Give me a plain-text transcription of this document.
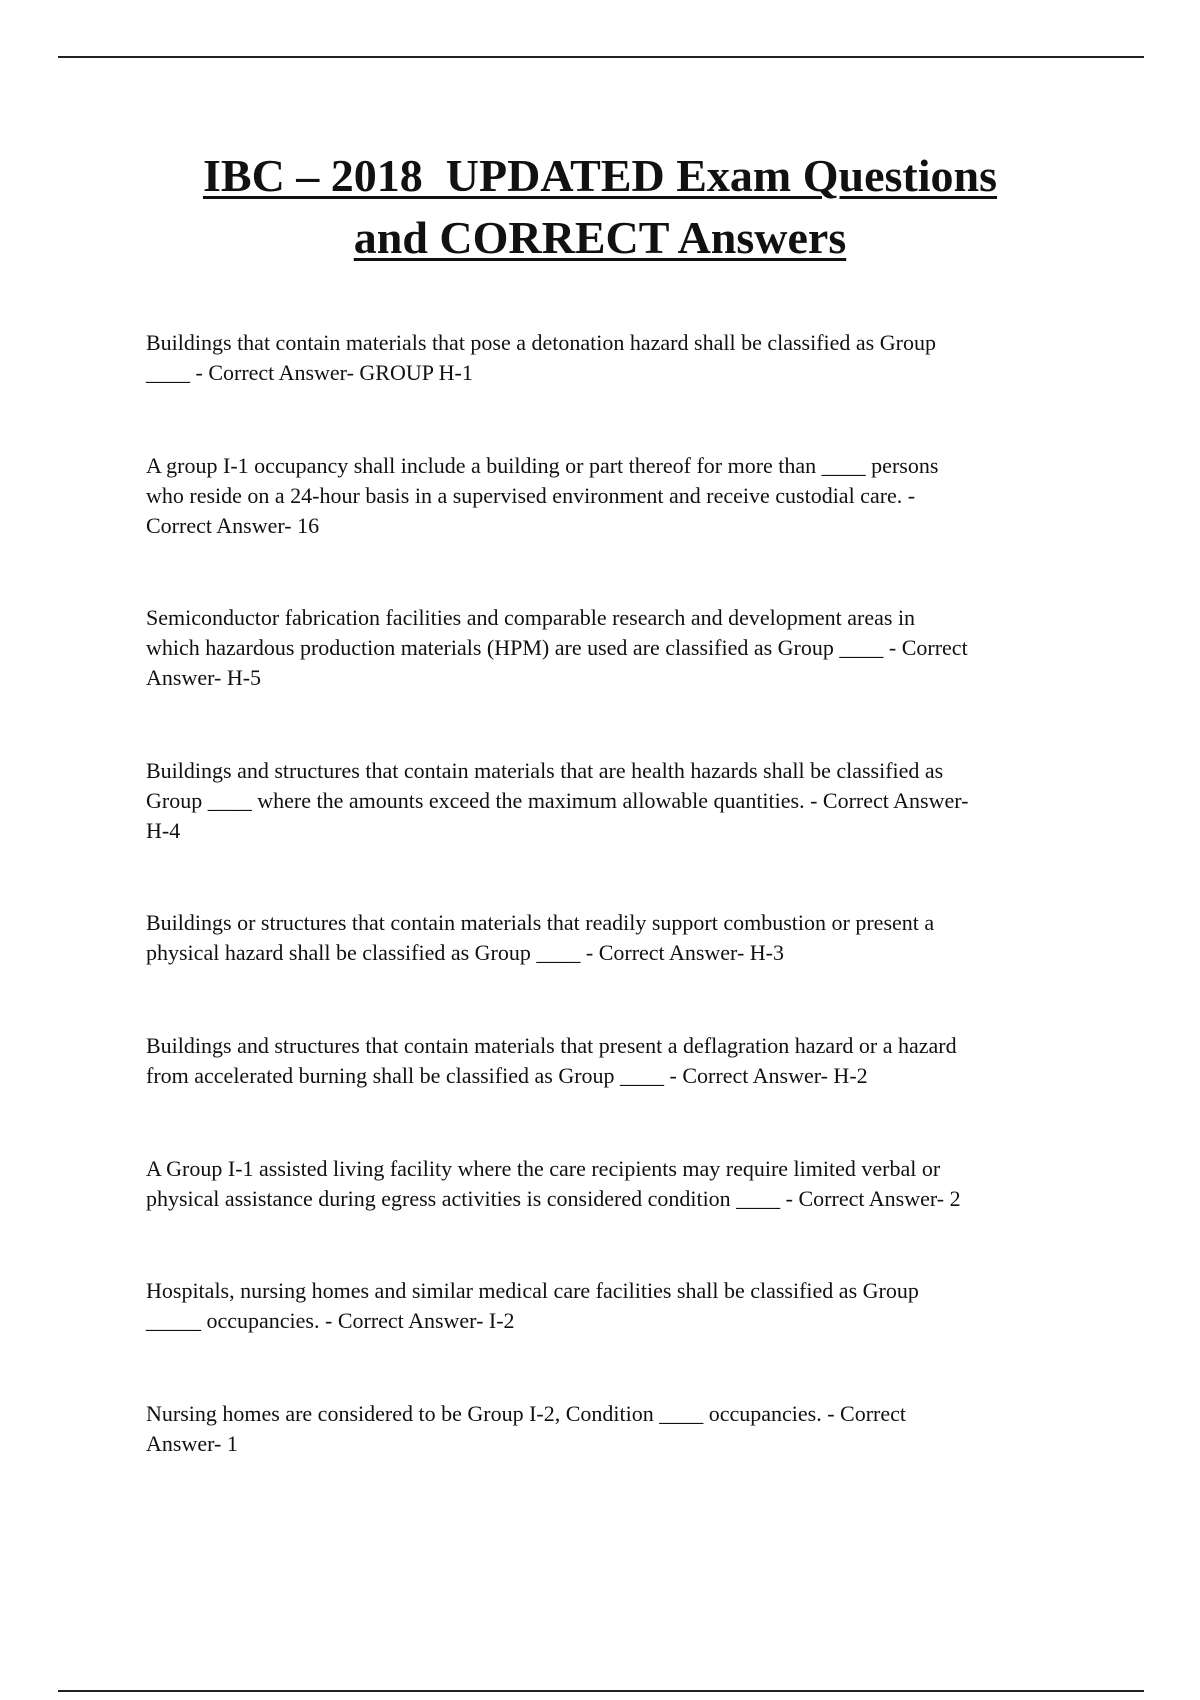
IBC – 2018  UPDATED Exam Questions
and CORRECT Answers

Buildings that contain materials that pose a detonation hazard shall be classified as Group
____ - Correct Answer- GROUP H-1

A group I-1 occupancy shall include a building or part thereof for more than ____ persons
who reside on a 24-hour basis in a supervised environment and receive custodial care. -
Correct Answer- 16

Semiconductor fabrication facilities and comparable research and development areas in
which hazardous production materials (HPM) are used are classified as Group ____ - Correct
Answer- H-5

Buildings and structures that contain materials that are health hazards shall be classified as
Group ____ where the amounts exceed the maximum allowable quantities. - Correct Answer-
H-4

Buildings or structures that contain materials that readily support combustion or present a
physical hazard shall be classified as Group ____ - Correct Answer- H-3

Buildings and structures that contain materials that present a deflagration hazard or a hazard
from accelerated burning shall be classified as Group ____ - Correct Answer- H-2

A Group I-1 assisted living facility where the care recipients may require limited verbal or
physical assistance during egress activities is considered condition ____ - Correct Answer- 2

Hospitals, nursing homes and similar medical care facilities shall be classified as Group
_____ occupancies. - Correct Answer- I-2

Nursing homes are considered to be Group I-2, Condition ____ occupancies. - Correct
Answer- 1
